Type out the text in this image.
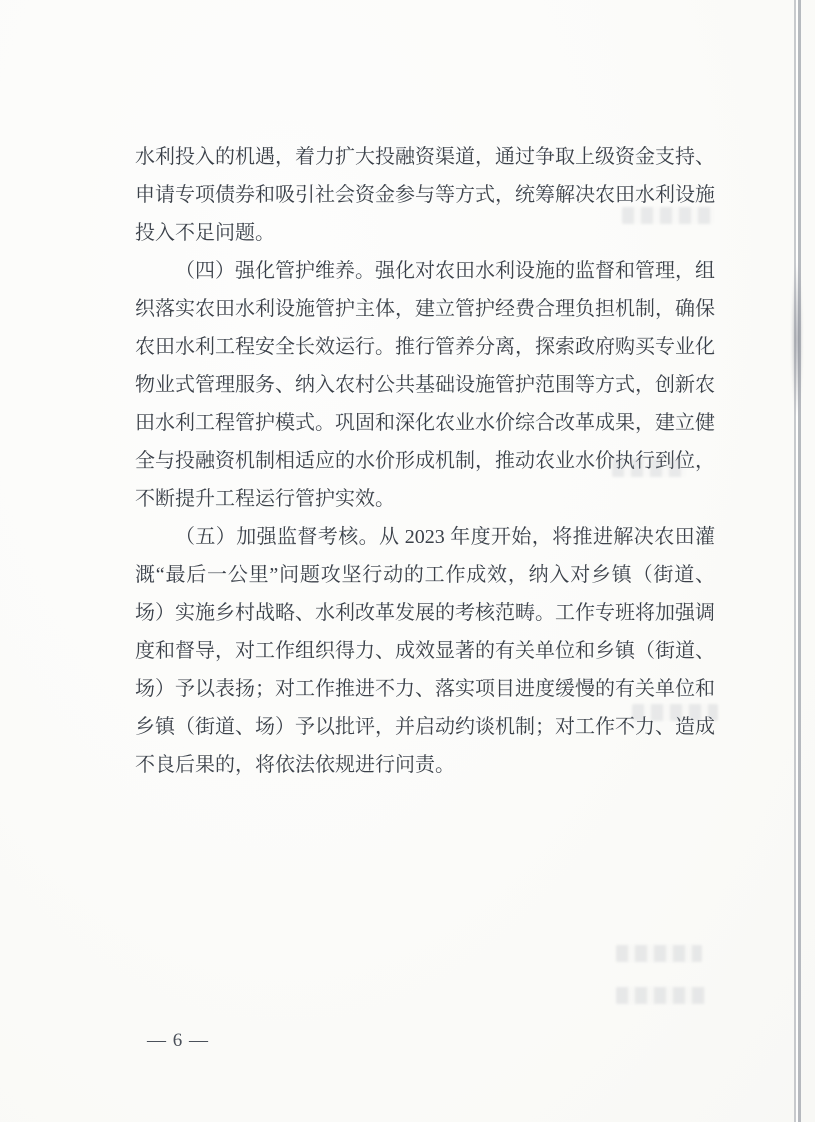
水利投入的机遇，着力扩大投融资渠道，通过争取上级资金支持、申请专项债券和吸引社会资金参与等方式，统筹解决农田水利设施投入不足问题。

（四）强化管护维养。强化对农田水利设施的监督和管理，组织落实农田水利设施管护主体，建立管护经费合理负担机制，确保农田水利工程安全长效运行。推行管养分离，探索政府购买专业化物业式管理服务、纳入农村公共基础设施管护范围等方式，创新农田水利工程管护模式。巩固和深化农业水价综合改革成果，建立健全与投融资机制相适应的水价形成机制，推动农业水价执行到位，不断提升工程运行管护实效。

（五）加强监督考核。从 2023 年度开始，将推进解决农田灌溉“最后一公里”问题攻坚行动的工作成效，纳入对乡镇（街道、场）实施乡村战略、水利改革发展的考核范畴。工作专班将加强调度和督导，对工作组织得力、成效显著的有关单位和乡镇（街道、场）予以表扬；对工作推进不力、落实项目进度缓慢的有关单位和乡镇（街道、场）予以批评，并启动约谈机制；对工作不力、造成不良后果的，将依法依规进行问责。

— 6 —
